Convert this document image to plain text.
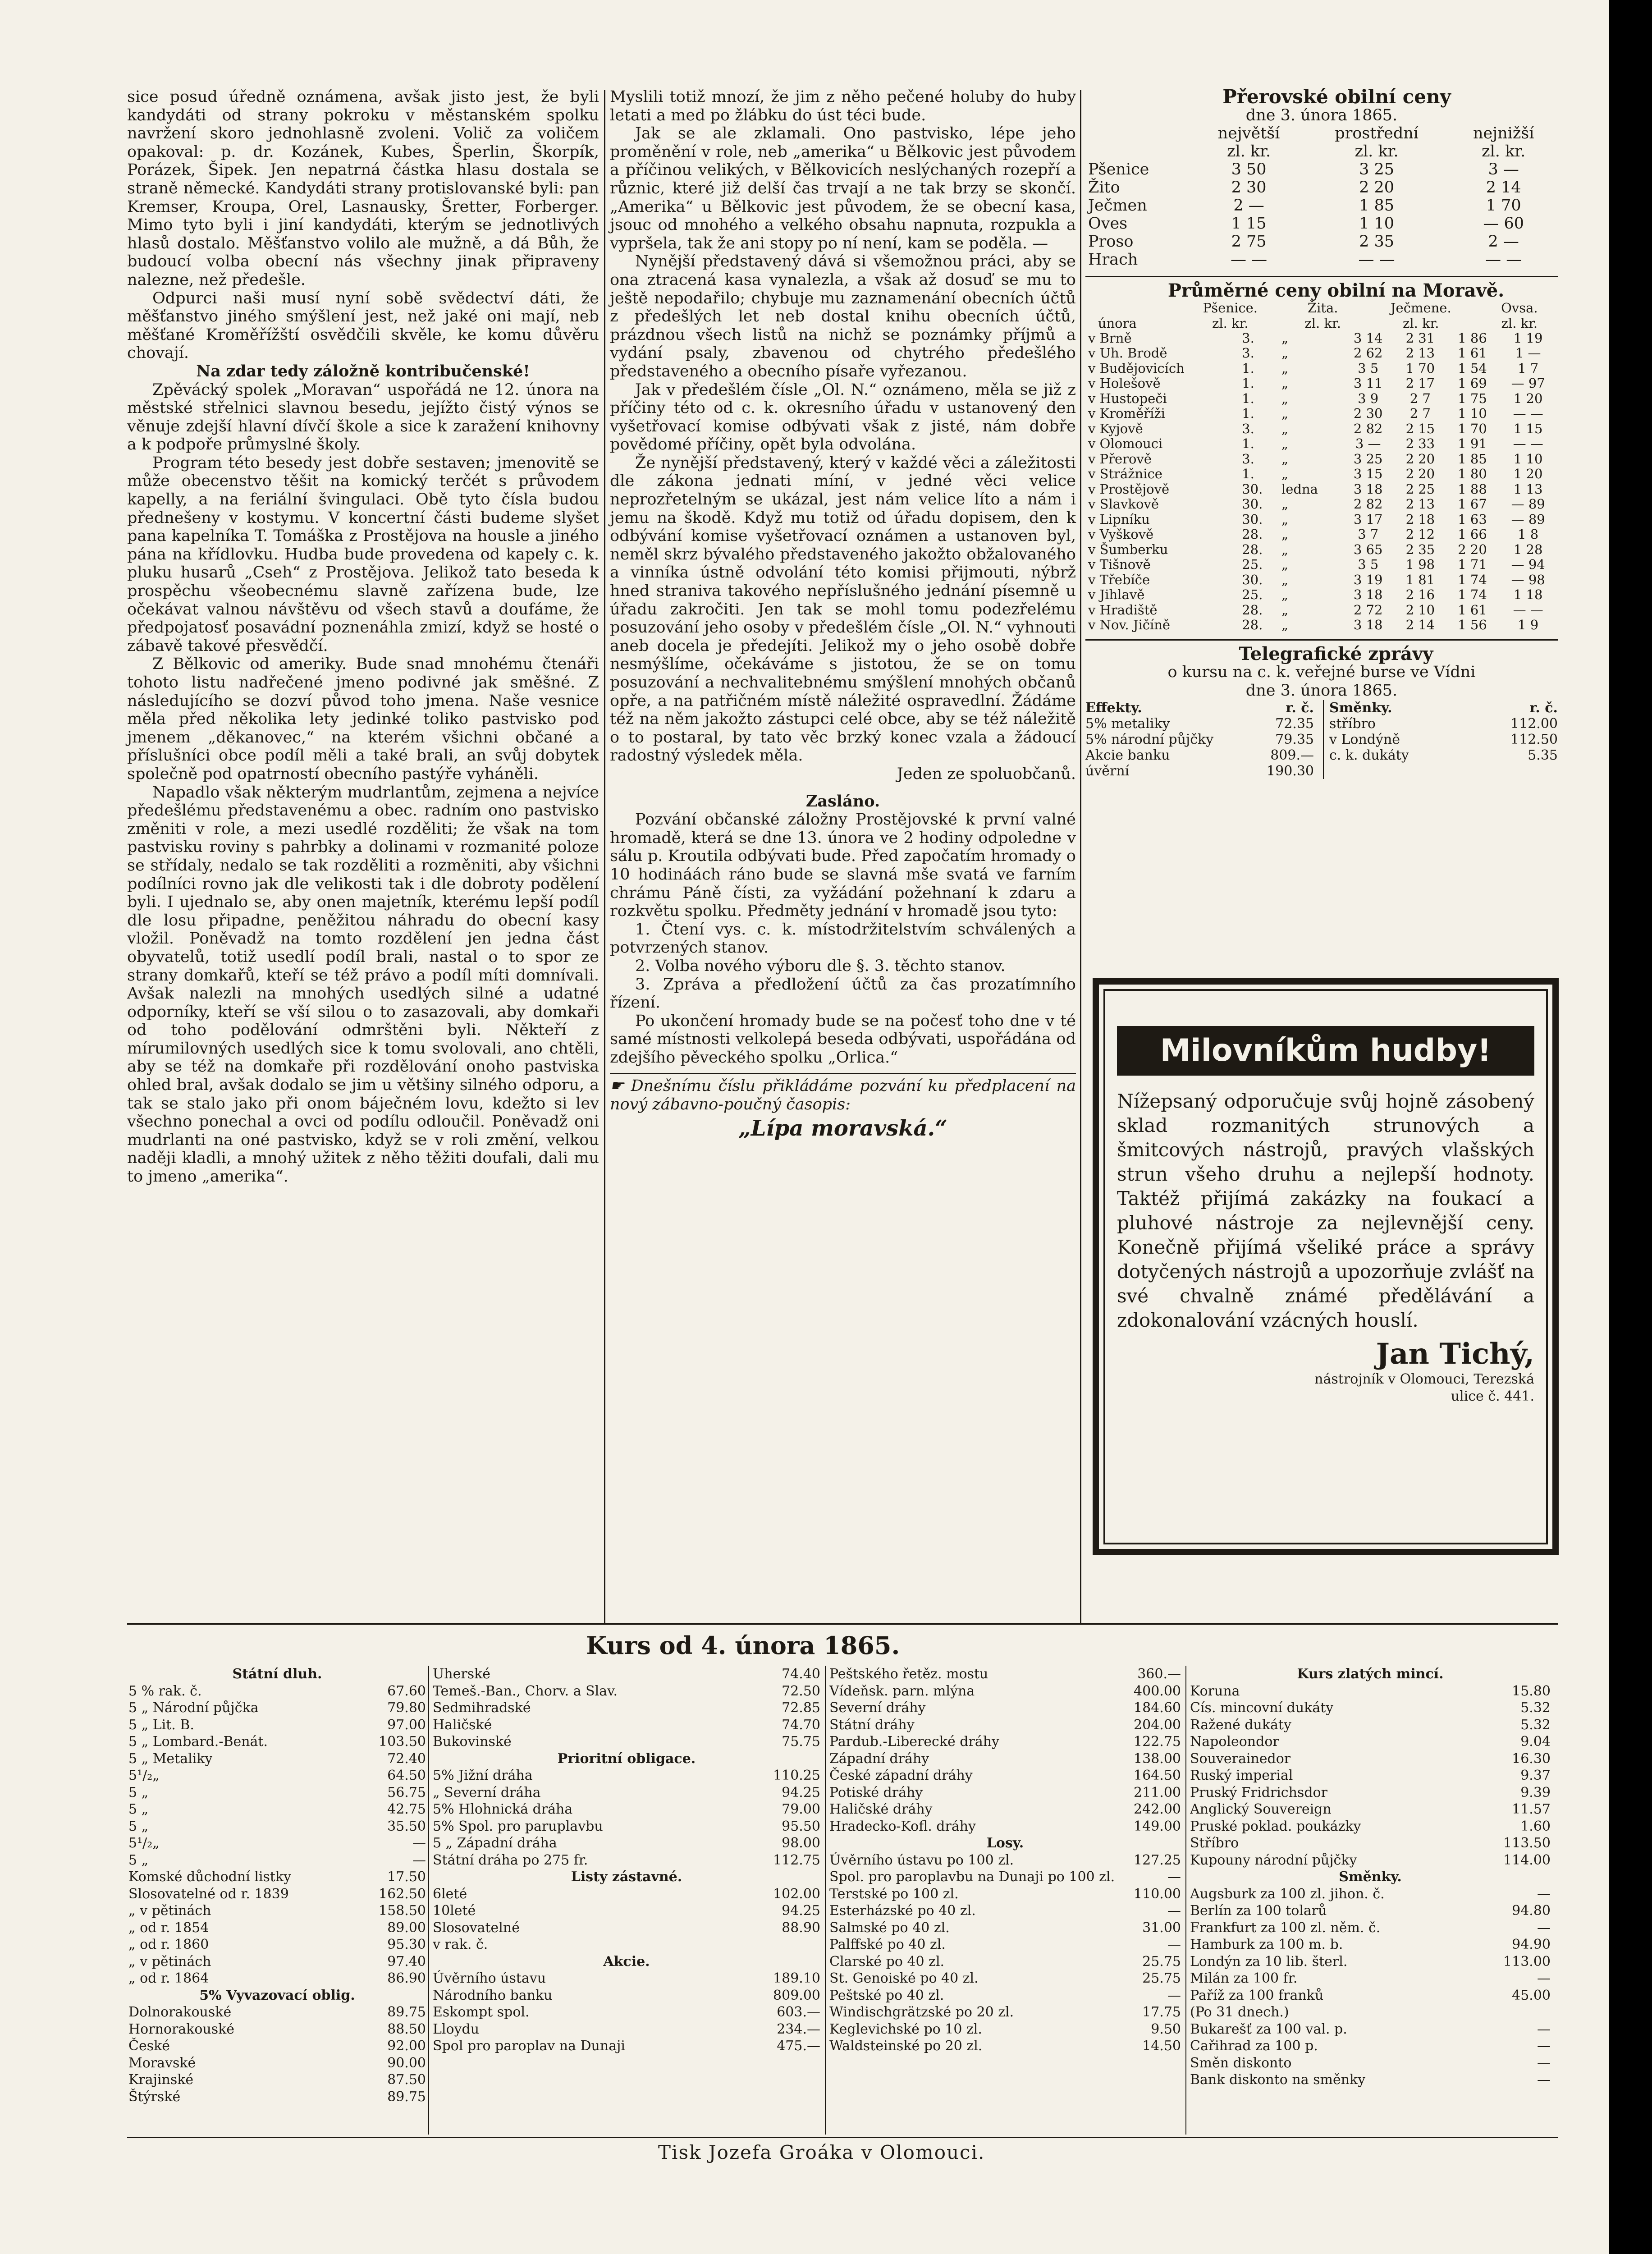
sice posud úředně oznámena, avšak jisto jest, že byli kandydáti od strany pokroku v městanském spolku navržení skoro jednohlasně zvoleni. Volič za voličem opakoval: p. dr. Kozánek, Kubes, Šperlin, Škorpík, Porázek, Šipek. Jen nepatrná částka hlasu dostala se straně německé. Kandydáti strany protislovanské byli: pan Kremser, Kroupa, Orel, Lasnausky, Šretter, Forberger. Mimo tyto byli i jiní kandydáti, kterým se jednotlivých hlasů dostalo. Měšťanstvo volilo ale mužně, a dá Bůh, že budoucí volba obecní nás všechny jinak připraveny nalezne, než předešle.

Odpurci naši musí nyní sobě svědectví dáti, že měšťanstvo jiného smýšlení jest, než jaké oni mají, neb měšťané Kroměřížští osvědčili skvěle, ke komu důvěru chovají.

Na zdar tedy záložně kontribučenské!

Zpěvácký spolek „Moravan“ uspořádá ne 12. února na městské střelnici slavnou besedu, jejížto čistý výnos se věnuje zdejší hlavní dívčí škole a sice k zaražení knihovny a k podpoře průmyslné školy.

Program této besedy jest dobře sestaven; jmenovitě se může obecenstvo těšit na komický terčét s průvodem kapelly, a na feriální švingulaci. Obě tyto čísla budou přednešeny v kostymu. V koncertní části budeme slyšet pana kapelníka T. Tomáška z Prostějova na housle a jiného pána na křídlovku. Hudba bude provedena od kapely c. k. pluku husarů „Cseh“ z Prostějova. Jelikož tato beseda k prospěchu všeobecnému slavně zařízena bude, lze očekávat valnou návštěvu od všech stavů a doufáme, že předpojatosť posavádní poznenáhla zmizí, když se hosté o zábavě takové přesvědčí.

Z Bělkovic od ameriky. Bude snad mnohému čtenáři tohoto listu nadřečené jmeno podivné jak směšné. Z následujícího se dozví původ toho jmena. Naše vesnice měla před několika lety jedinké toliko pastvisko pod jmenem „děkanovec,“ na kterém všichni občané a příslušníci obce podíl měli a také brali, an svůj dobytek společně pod opatrností obecního pastýře vyháněli.

Napadlo však některým mudrlantům, zejmena a nejvíce předešlému představenému a obec. radním ono pastvisko změniti v role, a mezi usedlé rozděliti; že však na tom pastvisku roviny s pahrbky a dolinami v rozmanité poloze se střídaly, nedalo se tak rozděliti a rozměniti, aby všichni podílníci rovno jak dle velikosti tak i dle dobroty podělení byli. I ujednalo se, aby onen majetník, kterému lepší podíl dle losu připadne, peněžitou náhradu do obecní kasy vložil. Poněvadž na tomto rozdělení jen jedna část obyvatelů, totiž usedlí podíl brali, nastal o to spor ze strany domkařů, kteří se též právo a podíl míti domnívali. Avšak nalezli na mnohých usedlých silné a udatné odporníky, kteří se vší silou o to zasazovali, aby domkaři od toho podělování odmrštěni byli. Někteří z mírumilovných usedlých sice k tomu svolovali, ano chtěli, aby se též na domkaře při rozdělování onoho pastviska ohled bral, avšak dodalo se jim u většiny silného odporu, a tak se stalo jako při onom báječném lovu, kdežto si lev všechno ponechal a ovci od podílu odloučil. Poněvadž oni mudrlanti na oné pastvisko, když se v roli změní, velkou naději kladli, a mnohý užitek z něho těžiti doufali, dali mu to jmeno „amerika“.

Myslili totiž mnozí, že jim z něho pečené holuby do huby letati a med po žlábku do úst téci bude.

Jak se ale zklamali. Ono pastvisko, lépe jeho proměnění v role, neb „amerika“ u Bělkovic jest původem a příčinou velikých, v Bělkovicích neslýchaných rozepří a různic, které již delší čas trvají a ne tak brzy se skončí. „Amerika“ u Bělkovic jest původem, že se obecní kasa, jsouc od mnohého a velkého obsahu napnuta, rozpukla a vypršela, tak že ani stopy po ní není, kam se poděla. —

Nynější představený dává si všemožnou práci, aby se ona ztracená kasa vynalezla, a však až dosuď se mu to ještě nepodařilo; chybuje mu zaznamenání obecních účtů z předešlých let neb dostal knihu obecních účtů, prázdnou všech listů na nichž se poznámky příjmů a vydání psaly, zbavenou od chytrého předešlého představeného a obecního písaře vyřezanou.

Jak v předešlém čísle „Ol. N.“ oznámeno, měla se již z příčiny této od c. k. okresního úřadu v ustanovený den vyšetřovací komise odbývati však z jisté, nám dobře povědomé příčiny, opět byla odvolána.

Že nynější představený, který v každé věci a záležitosti dle zákona jednati míní, v jedné věci velice neprozřetelným se ukázal, jest nám velice líto a nám i jemu na škodě. Když mu totiž od úřadu dopisem, den k odbývání komise vyšetřovací oznámen a ustanoven byl, neměl skrz bývalého představeného jakožto obžalovaného a vinníka ústně odvolání této komisi přijmouti, nýbrž hned straniva takového nepříslušného jednání písemně u úřadu zakročiti. Jen tak se mohl tomu podezřelému posuzování jeho osoby v předešlém čísle „Ol. N.“ vyhnouti aneb docela je předejíti. Jelikož my o jeho osobě dobře nesmýšlíme, očekáváme s jistotou, že se on tomu posuzování a nechvalitebnému smýšlení mnohých občanů opře, a na patřičném místě náležité ospravedlní. Žádáme též na něm jakožto zástupci celé obce, aby se též náležitě o to postaral, by tato věc brzký konec vzala a žádoucí radostný výsledek měla.

Jeden ze spoluobčanů.

Zasláno.

Pozvání občanské záložny Prostějovské k první valné hromadě, která se dne 13. února ve 2 hodiny odpoledne v sálu p. Kroutila odbývati bude. Před započatím hromady o 10 hodináách ráno bude se slavná mše svatá ve farním chrámu Páně čísti, za vyžádání požehnaní k zdaru a rozkvětu spolku. Předměty jednání v hromadě jsou tyto:

1. Čtení vys. c. k. místodržitelstvím schválených a potvrzených stanov.

2. Volba nového výboru dle §. 3. těchto stanov.

3. Zpráva a předložení účtů za čas prozatímního řízení.

Po ukončení hromady bude se na počesť toho dne v té samé místnosti velkolepá beseda odbývati, uspořádána od zdejšího pěveckého spolku „Orlica.“

☛ Dnešnímu číslu přikládáme pozvání ku předplacení na nový zábavno-poučný časopis:

„Lípa moravská.“

Přerovské obilní ceny

dne 3. února 1865.

	největší	prostřední	nejnižší
	zl. kr.	zl. kr.	zl. kr.
Pšenice	3 50	3 25	3 —
Žito	2 30	2 20	2 14
Ječmen	2 —	1 85	1 70
Oves	1 15	1 10	— 60
Proso	2 75	2 35	2 —
Hrach	— —	— —	— —

Průměrné ceny obilní na Moravě.

		Pšenice.	Žita.	Ječmene.	Ovsa.
	února	zl. kr.	zl. kr.	zl. kr.	zl. kr.
v Brně	3.	„	3 14	2 31	1 86	1 19
v Uh. Brodě	3.	„	2 62	2 13	1 61	1 —
v Budějovicích	1.	„	3 5	1 70	1 54	1 7
v Holešově	1.	„	3 11	2 17	1 69	— 97
v Hustopeči	1.	„	3 9	2 7	1 75	1 20
v Kroměříži	1.	„	2 30	2 7	1 10	— —
v Kyjově	3.	„	2 82	2 15	1 70	1 15
v Olomouci	1.	„	3 —	2 33	1 91	— —
v Přerově	3.	„	3 25	2 20	1 85	1 10
v Strážnice	1.	„	3 15	2 20	1 80	1 20
v Prostějově	30.	ledna	3 18	2 25	1 88	1 13
v Slavkově	30.	„	2 82	2 13	1 67	— 89
v Lipníku	30.	„	3 17	2 18	1 63	— 89
v Vyškově	28.	„	3 7	2 12	1 66	1 8
v Šumberku	28.	„	3 65	2 35	2 20	1 28
v Tišnově	25.	„	3 5	1 98	1 71	— 94
v Třebíče	30.	„	3 19	1 81	1 74	— 98
v Jihlavě	25.	„	3 18	2 16	1 74	1 18
v Hradiště	28.	„	2 72	2 10	1 61	— —
v Nov. Jičíně	28.	„	3 18	2 14	1 56	1 9

Telegrafické zprávy

o kursu na c. k. veřejné burse ve Vídni

dne 3. února 1865.

Effekty.	r. č.
5% metaliky	72.35
5% národní půjčky	79.35
Akcie banku	809.—
úvěrní	190.30
Směnky.	r. č.
stříbro	112.00
v Londýně	112.50
c. k. dukáty	5.35
Milovníkům hudby!
Nížepsaný odporučuje svůj hojně zásobený sklad rozmanitých strunových a šmitcových nástrojů, pravých vlašských strun všeho druhu a nejlepší hodnoty. Taktéž přijímá zakázky na foukací a pluhové nástroje za nejlevnější ceny. Konečně přijímá všeliké práce a správy dotyčených nástrojů a upozorňuje zvlášť na své chvalně známé předělávání a zdokonalování vzácných houslí.
Jan Tichý,
nástrojník v Olomouci, Terezská
ulice č. 441.
Kurs od 4. února 1865.
Státní dluh.
5 % rak. č.	67.60
5 „ Národní půjčka	79.80
5 „ Lit. B.	97.00
5 „ Lombard.-Benát.	103.50
5 „ Metaliky	72.40
5¹/₂„	64.50
5 „	56.75
5 „	42.75
5 „	35.50
5¹/₂„	—
5 „	—
Komské důchodní listky	17.50
Slosovatelné od r. 1839	162.50
„ v pětinách	158.50
„ od r. 1854	89.00
„ od r. 1860	95.30
„ v pětinách	97.40
„ od r. 1864	86.90
5% Vyvazovací oblig.
Dolnorakouské	89.75
Hornorakouské	88.50
České	92.00
Moravské	90.00
Krajinské	87.50
Štýrské	89.75
Uherské	74.40
Temeš.-Ban., Chorv. a Slav.	72.50
Sedmihradské	72.85
Haličské	74.70
Bukovinské	75.75
Prioritní obligace.
5% Jižní dráha	110.25
„ Severní dráha	94.25
5% Hlohnická dráha	79.00
5% Spol. pro paruplavbu	95.50
5 „ Západní dráha	98.00
Státní dráha po 275 fr.	112.75
Listy zástavné.
6leté	102.00
10leté	94.25
Slosovatelné	88.90
v rak. č.
Akcie.
Úvěrního ústavu	189.10
Národního banku	809.00
Eskompt spol.	603.—
Lloydu	234.—
Spol pro paroplav na Dunaji	475.—
Peštského řetěz. mostu	360.—
Vídeňsk. parn. mlýna	400.00
Severní dráhy	184.60
Státní dráhy	204.00
Pardub.-Liberecké dráhy	122.75
Západní dráhy	138.00
České západní dráhy	164.50
Potiské dráhy	211.00
Haličské dráhy	242.00
Hradecko-Kofl. dráhy	149.00
Losy.
Úvěrního ústavu po 100 zl.	127.25
Spol. pro paroplavbu na Dunaji po 100 zl.	—
Terstské po 100 zl.	110.00
Esterházské po 40 zl.	—
Salmské po 40 zl.	31.00
Palffské po 40 zl.	—
Clarské po 40 zl.	25.75
St. Genoiské po 40 zl.	25.75
Peštské po 40 zl.	—
Windischgrätzské po 20 zl.	17.75
Keglevichské po 10 zl.	9.50
Waldsteinské po 20 zl.	14.50
Kurs zlatých mincí.
Koruna	15.80
Cís. mincovní dukáty	5.32
Ražené dukáty	5.32
Napoleondor	9.04
Souverainedor	16.30
Ruský imperial	9.37
Pruský Fridrichsdor	9.39
Anglický Souvereign	11.57
Pruské poklad. poukázky	1.60
Stříbro	113.50
Kupouny národní půjčky	114.00
Směnky.
Augsburk za 100 zl. jihon. č.	—
Berlín za 100 tolarů	94.80
Frankfurt za 100 zl. něm. č.	—
Hamburk za 100 m. b.	94.90
Londýn za 10 lib. šterl.	113.00
Milán za 100 fr.	—
Paříž za 100 franků	45.00
(Po 31 dnech.)
Bukarešť za 100 val. p.	—
Cařihrad za 100 p.	—
Směn diskonto	—
Bank diskonto na směnky	—
Tisk Jozefa Groáka v Olomouci.
